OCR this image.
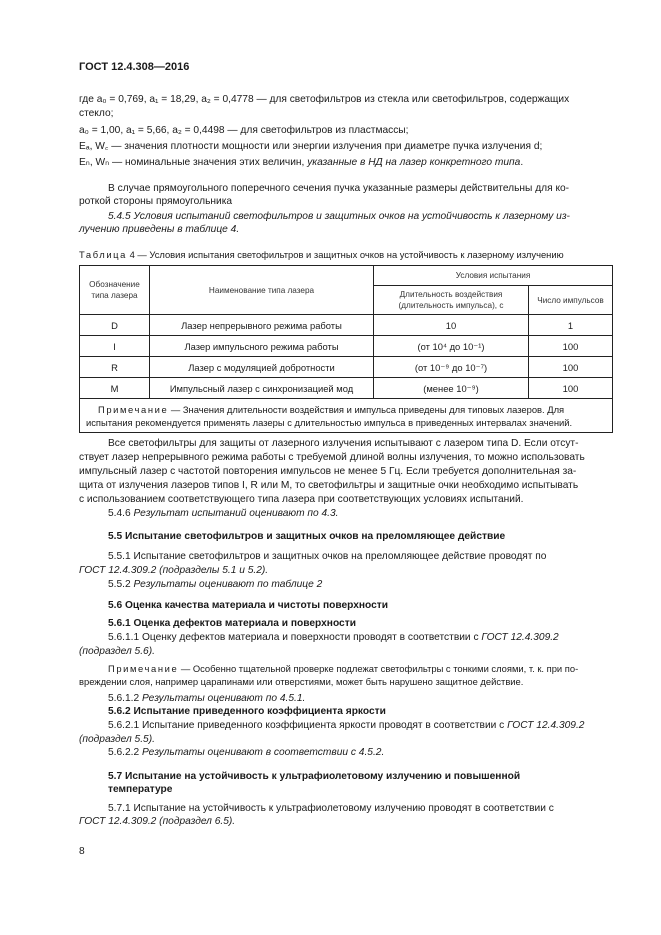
ГОСТ 12.4.308—2016
где a₀ = 0,769, a₁ = 18,29, a₂ = 0,4778 — для светофильтров из стекла или светофильтров, содержащих
стекло;
a₀ = 1,00, a₁ = 5,66, a₂ = 0,4498 — для светофильтров из пластмассы;
Eₐ, W꜀ — значения плотности мощности или энергии излучения при диаметре пучка излучения d;
Eₙ, Wₙ — номинальные значения этих величин, указанные в НД на лазер конкретного типа.
В случае прямоугольного поперечного сечения пучка указанные размеры действительны для ко-
роткой стороны прямоугольника
5.4.5 Условия испытаний светофильтров и защитных очков на устойчивость к лазерному из-
лучению приведены в таблице 4.
Таблица 4 — Условия испытания светофильтров и защитных очков на устойчивость к лазерному излучению
Обозначение типа лазера	Наименование типа лазера	Условия испытания	
		Длительность воздействия (длительность импульса), с	Число импульсов
D	Лазер непрерывного режима работы	10	1
I	Лазер импульсного режима работы	(от 10⁴ до 10⁻¹)	100
R	Лазер с модуляцией добротности	(от 10⁻⁹ до 10⁻⁷)	100
M	Импульсный лазер с синхронизацией мод	(менее 10⁻⁹)	100

Примечание — Значения длительности воздействия и импульса приведены для типовых лазеров. Для
испытания рекомендуется применять лазеры с длительностью импульса в приведенных интервалах значений.			
Все светофильтры для защиты от лазерного излучения испытывают с лазером типа D. Если отсут-
ствует лазер непрерывного режима работы с требуемой длиной волны излучения, то можно использовать
импульсный лазер с частотой повторения импульсов не менее 5 Гц. Если требуется дополнительная за-
щита от излучения лазеров типов I, R или M, то светофильтры и защитные очки необходимо испытывать
с использованием соответствующего типа лазера при соответствующих условиях испытаний.
5.4.6 Результат испытаний оценивают по 4.3.
5.5 Испытание светофильтров и защитных очков на преломляющее действие
5.5.1 Испытание светофильтров и защитных очков на преломляющее действие проводят по
ГОСТ 12.4.309.2 (подразделы 5.1 и 5.2).
5.5.2 Результаты оценивают по таблице 2
5.6 Оценка качества материала и чистоты поверхности
5.6.1 Оценка дефектов материала и поверхности
5.6.1.1 Оценку дефектов материала и поверхности проводят в соответствии с ГОСТ 12.4.309.2
(подраздел 5.6).
Примечание — Особенно тщательной проверке подлежат светофильтры с тонкими слоями, т. к. при по-
вреждении слоя, например царапинами или отверстиями, может быть нарушено защитное действие.
5.6.1.2 Результаты оценивают по 4.5.1.
5.6.2 Испытание приведенного коэффициента яркости
5.6.2.1 Испытание приведенного коэффициента яркости проводят в соответствии с ГОСТ 12.4.309.2
(подраздел 5.5).
5.6.2.2 Результаты оценивают в соответствии с 4.5.2.
5.7 Испытание на устойчивость к ультрафиолетовому излучению и повышенной
температуре
5.7.1 Испытание на устойчивость к ультрафиолетовому излучению проводят в соответствии с
ГОСТ 12.4.309.2 (подраздел 6.5).
8
